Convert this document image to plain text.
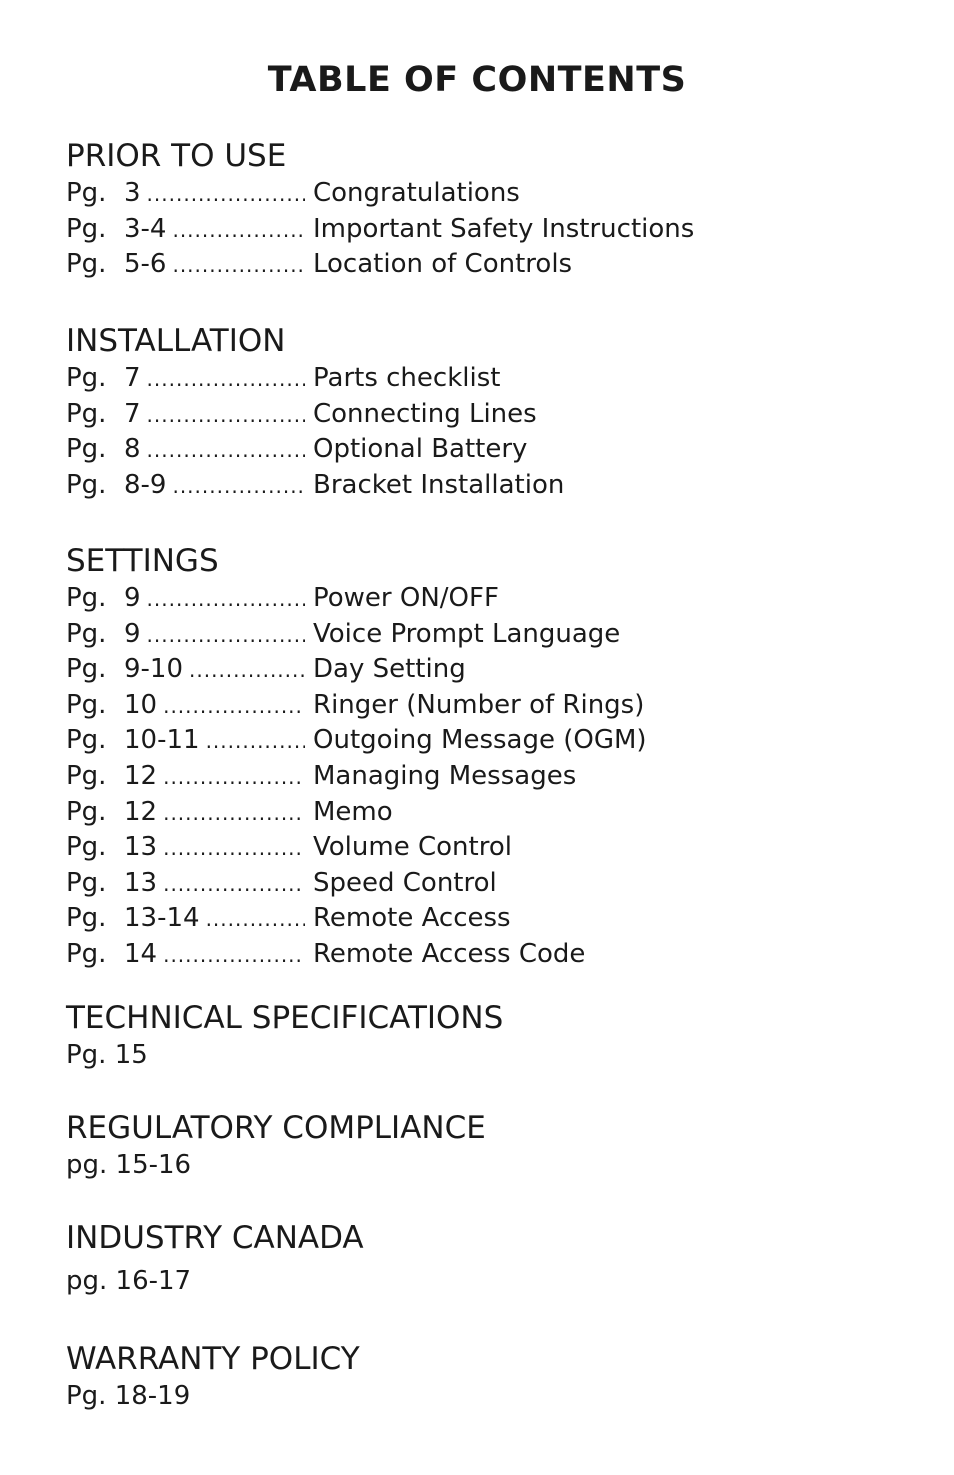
TABLE OF CONTENTS
PRIOR TO USE
Pg. 3 .....	Congratulations
Pg. 3-4 .....	Important Safety Instructions
Pg. 5-6 .....	Location of Controls
INSTALLATION
Pg. 7 .....	Parts checklist
Pg. 7 .....	Connecting Lines
Pg. 8 .....	Optional Battery
Pg. 8-9 .....	Bracket Installation
SETTINGS
Pg. 9 .....	Power ON/OFF
Pg. 9 .....	Voice Prompt Language
Pg. 9-10 .....	Day Setting
Pg. 10 .....	Ringer (Number of Rings)
Pg. 10-11 .....	Outgoing Message (OGM)
Pg. 12 .....	Managing Messages
Pg. 12 .....	Memo
Pg. 13 .....	Volume Control
Pg. 13 .....	Speed Control
Pg. 13-14 .....	Remote Access
Pg. 14 .....	Remote Access Code
TECHNICAL SPECIFICATIONS

Pg. 15

REGULATORY COMPLIANCE

pg. 15-16

INDUSTRY CANADA

pg. 16-17

WARRANTY POLICY

Pg. 18-19
